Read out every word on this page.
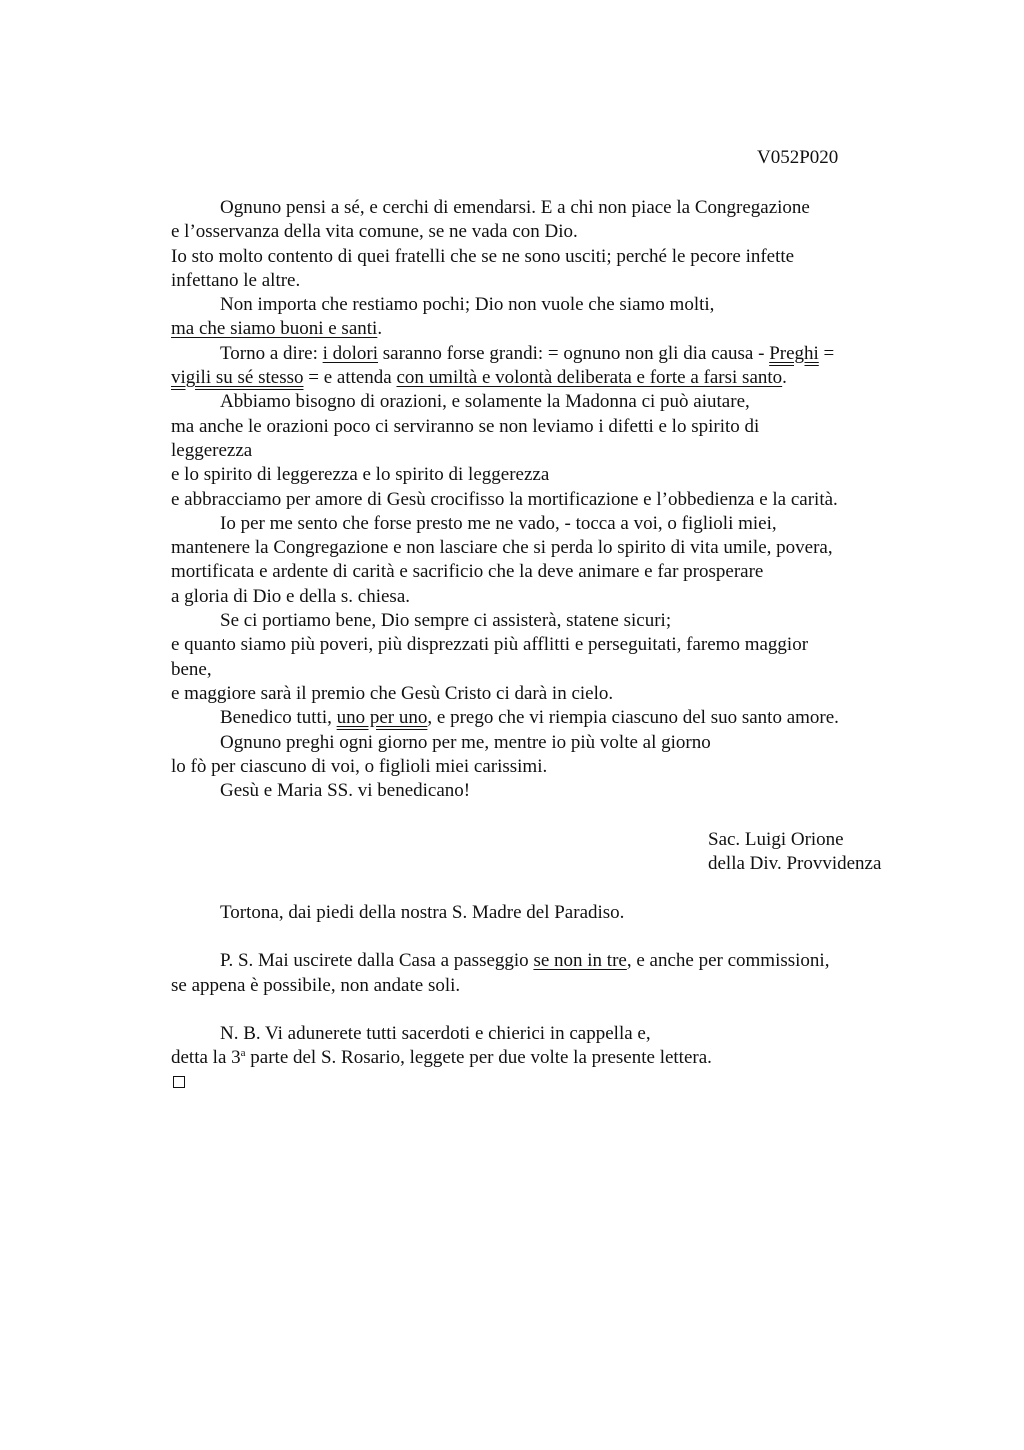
V052P020
Ognuno pensi a sé, e cerchi di emendarsi. E a chi non piace la Congregazione
e l’osservanza della vita comune, se ne vada con Dio.
Io sto molto contento di quei fratelli che se ne sono usciti; perché le pecore infette
infettano le altre.
Non importa che restiamo pochi; Dio non vuole che siamo molti,
ma che siamo buoni e santi.
Torno a dire: i dolori saranno forse grandi: = ognuno non gli dia causa - Preghi =
vigili su sé stesso = e attenda con umiltà e volontà deliberata e forte a farsi santo.
Abbiamo bisogno di orazioni, e solamente la Madonna ci può aiutare,
ma anche le orazioni poco ci serviranno se non leviamo i difetti e lo spirito di
leggerezza
e lo spirito di leggerezza e lo spirito di leggerezza
e abbracciamo per amore di Gesù crocifisso la mortificazione e l’obbedienza e la carità.
Io per me sento che forse presto me ne vado, - tocca a voi, o figlioli miei,
mantenere la Congregazione e non lasciare che si perda lo spirito di vita umile, povera,
mortificata e ardente di carità e sacrificio che la deve animare e far prosperare
a gloria di Dio e della s. chiesa.
Se ci portiamo bene, Dio sempre ci assisterà, statene sicuri;
e quanto siamo più poveri, più disprezzati più afflitti e perseguitati, faremo maggior
bene,
e maggiore sarà il premio che Gesù Cristo ci darà in cielo.
Benedico tutti, uno per uno, e prego che vi riempia ciascuno del suo santo amore.
Ognuno preghi ogni giorno per me, mentre io più volte al giorno
lo fò per ciascuno di voi, o figlioli miei carissimi.
Gesù e Maria SS. vi benedicano!
Sac. Luigi Orione
della Div. Provvidenza
Tortona, dai piedi della nostra S. Madre del Paradiso.
P. S. Mai uscirete dalla Casa a passeggio se non in tre, e anche per commissioni,
se appena è possibile, non andate soli.
N. B. Vi adunerete tutti sacerdoti e chierici in cappella e,
detta la 3$^a$ parte del S. Rosario, leggete per due volte la presente lettera.
